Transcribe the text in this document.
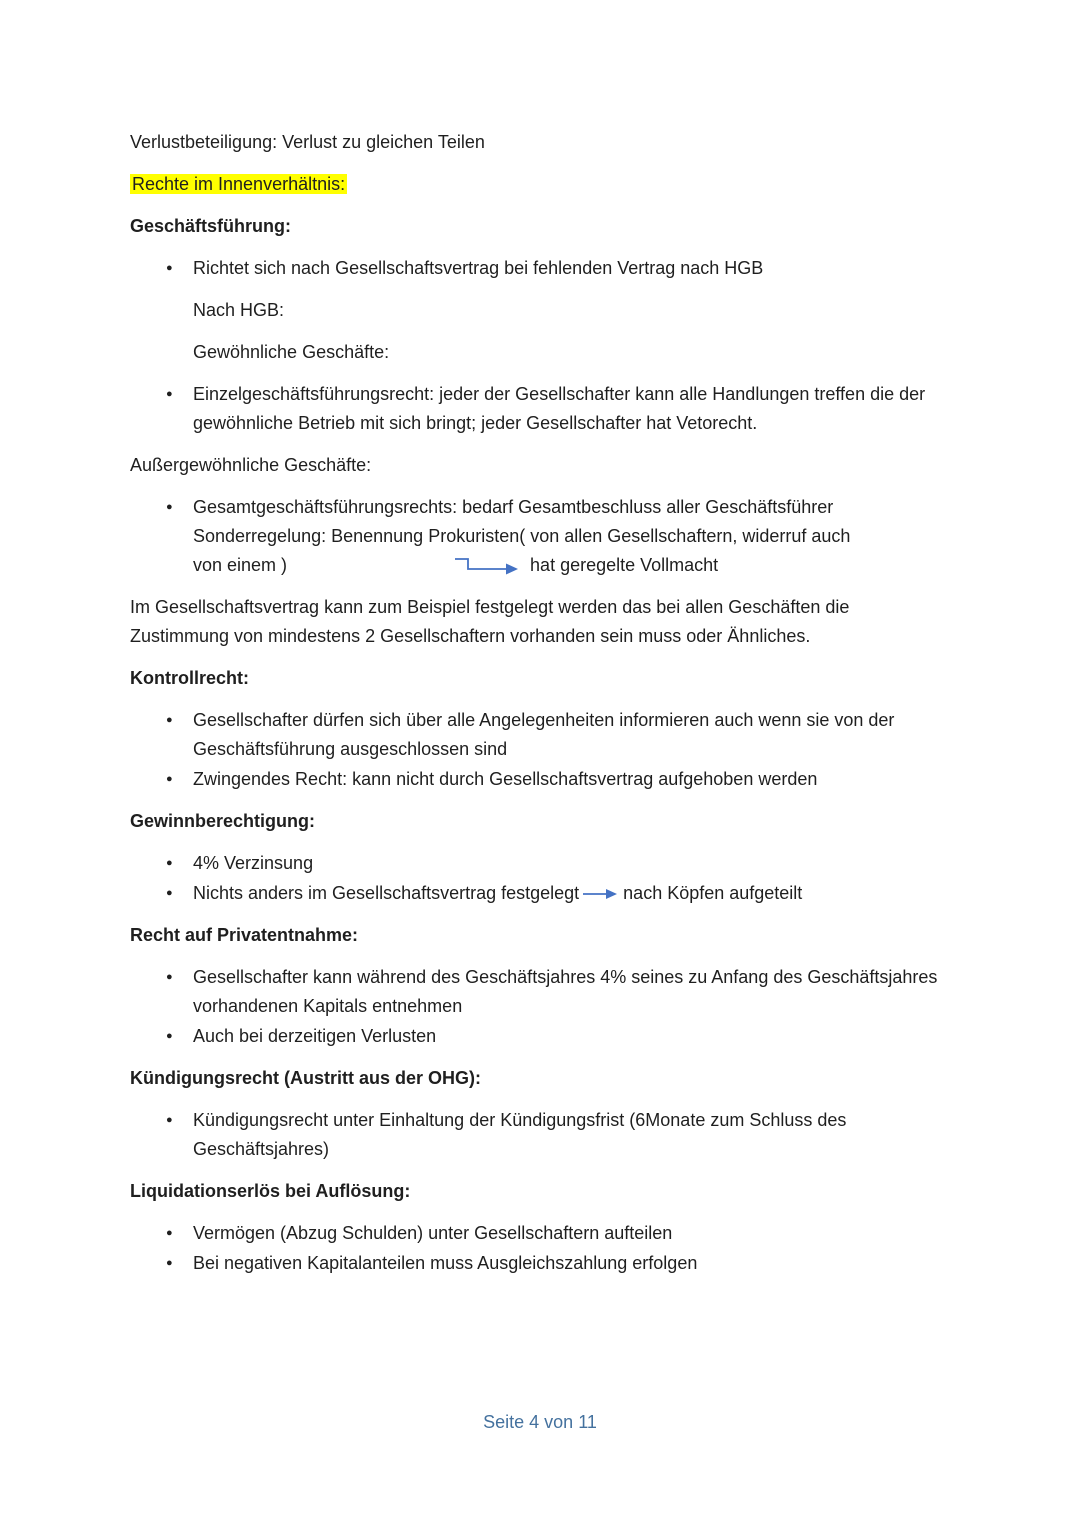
Verlustbeteiligung: Verlust zu gleichen Teilen

Rechte im Innenverhältnis:

Geschäftsführung:

● Richtet sich nach Gesellschaftsvertrag bei fehlenden Vertrag nach HGB

Nach HGB:

Gewöhnliche Geschäfte:

● Einzelgeschäftsführungsrecht: jeder der Gesellschafter kann alle Handlungen treffen die der gewöhnliche Betrieb mit sich bringt; jeder Gesellschafter hat Vetorecht.

Außergewöhnliche Geschäfte:

● Gesamtgeschäftsführungsrechts: bedarf Gesamtbeschluss aller Geschäftsführer
Sonderregelung: Benennung Prokuristen( von allen Gesellschaftern, widerruf auch
von einem )	hat geregelte Vollmacht

Im Gesellschaftsvertrag kann zum Beispiel festgelegt werden das bei allen Geschäften die Zustimmung von mindestens 2 Gesellschaftern vorhanden sein muss oder Ähnliches.

Kontrollrecht:

● Gesellschafter dürfen sich über alle Angelegenheiten informieren auch wenn sie von der Geschäftsführung ausgeschlossen sind
● Zwingendes Recht: kann nicht durch Gesellschaftsvertrag aufgehoben werden

Gewinnberechtigung:

● 4% Verzinsung
● Nichts anders im Gesellschaftsvertrag festgelegt nach Köpfen aufgeteilt

Recht auf Privatentnahme:

● Gesellschafter kann während des Geschäftsjahres 4% seines zu Anfang des Geschäftsjahres vorhandenen Kapitals entnehmen
● Auch bei derzeitigen Verlusten

Kündigungsrecht (Austritt aus der OHG):

● Kündigungsrecht unter Einhaltung der Kündigungsfrist (6Monate zum Schluss des Geschäftsjahres)

Liquidationserlös bei Auflösung:

● Vermögen (Abzug Schulden) unter Gesellschaftern aufteilen
● Bei negativen Kapitalanteilen muss Ausgleichszahlung erfolgen
Seite 4 von 11
